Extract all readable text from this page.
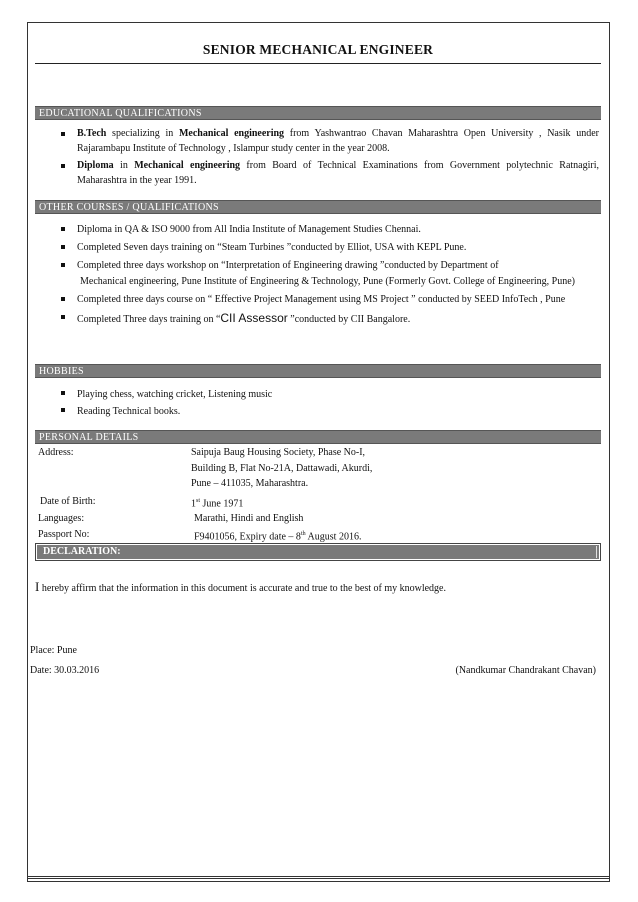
SENIOR MECHANICAL ENGINEER
EDUCATIONAL QUALIFICATIONS
B.Tech specializing in Mechanical engineering from Yashwantrao Chavan Maharashtra Open University , Nasik under Rajarambapu Institute of Technology , Islampur study center in the year 2008.
Diploma in Mechanical engineering from Board of Technical Examinations from Government polytechnic Ratnagiri, Maharashtra in the year 1991.
OTHER COURSES / QUALIFICATIONS
Diploma in QA & ISO 9000 from All India Institute of Management Studies Chennai.
Completed Seven days training on “Steam Turbines ”conducted by Elliot, USA with KEPL Pune.
Completed three days workshop on “Interpretation of Engineering drawing ”conducted by Department of
Mechanical engineering, Pune Institute of Engineering & Technology, Pune (Formerly Govt. College of Engineering, Pune)
Completed three days course on “ Effective Project Management using MS Project ” conducted by SEED InfoTech , Pune
Completed Three days training on “CII Assessor ”conducted by CII Bangalore.
HOBBIES
Playing chess, watching cricket, Listening music
Reading Technical books.
PERSONAL DETAILS
Address:	Saipuja Baug Housing Society, Phase No-I,
Building B, Flat No-21A, Dattawadi, Akurdi,
Pune – 411035, Maharashtra.
Date of Birth:	1st June 1971
Languages:	Marathi, Hindi and English
Passport No:	F9401056, Expiry date – 8th August 2016.
DECLARATION:
I hereby affirm that the information in this document is accurate and true to the best of my knowledge.
Place: Pune
Date: 30.03.2016	(Nandkumar Chandrakant Chavan)
